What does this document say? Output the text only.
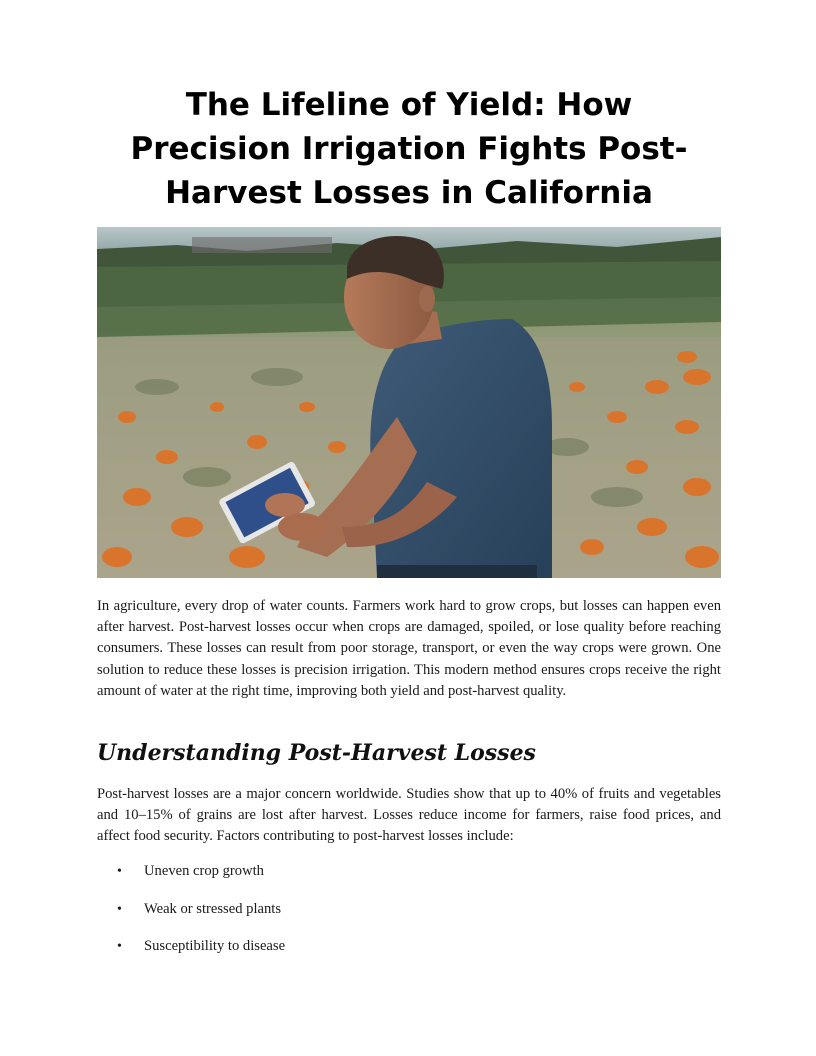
The Lifeline of Yield: How Precision Irrigation Fights Post-Harvest Losses in California

In agriculture, every drop of water counts. Farmers work hard to grow crops, but losses can happen even after harvest. Post-harvest losses occur when crops are damaged, spoiled, or lose quality before reaching consumers. These losses can result from poor storage, transport, or even the way crops were grown. One solution to reduce these losses is precision irrigation. This modern method ensures crops receive the right amount of water at the right time, improving both yield and post-harvest quality.

Understanding Post-Harvest Losses

Post-harvest losses are a major concern worldwide. Studies show that up to 40% of fruits and vegetables and 10–15% of grains are lost after harvest. Losses reduce income for farmers, raise food prices, and affect food security. Factors contributing to post-harvest losses include:

• Uneven crop growth
• Weak or stressed plants
• Susceptibility to disease
